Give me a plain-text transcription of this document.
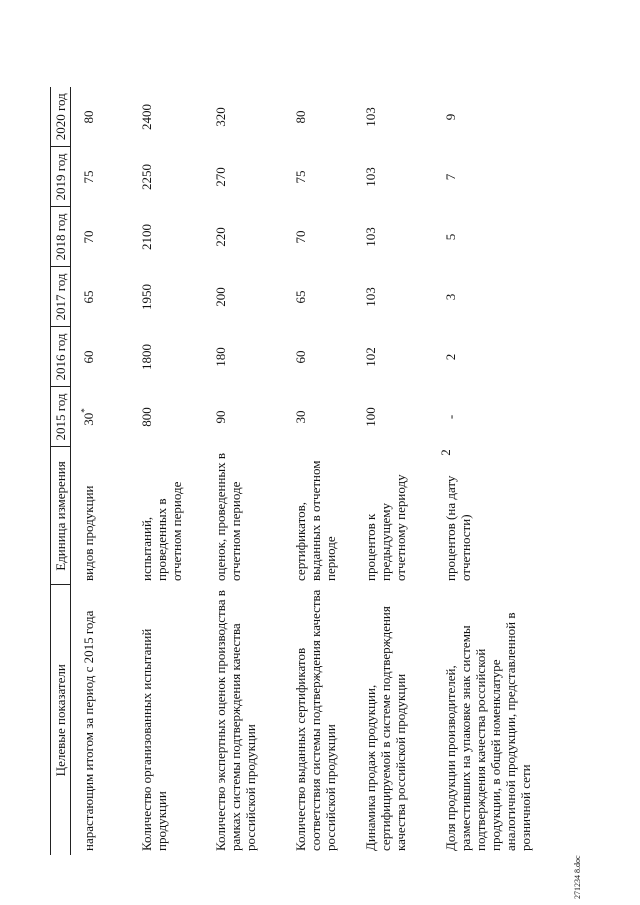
2
Целевые показатели	Единица измерения	2015 год	2016 год	2017 год	2018 год	2019 год	2020 год
нарастающим итогом за период с 2015 года	видов продукции	30*	60	65	70	75	80
Количество организованных испытаний продукции	испытаний, проведенных в отчетном периоде	800	1800	1950	2100	2250	2400
Количество экспертных оценок производства в рамках системы подтверждения качества российской продукции	оценок, проведенных в отчетном периоде	90	180	200	220	270	320
Количество выданных сертификатов соответствия системы подтверждения качества российской продукции	сертификатов, выданных в отчетном периоде	30	60	65	70	75	80
Динамика продаж продукции, сертифицируемой в системе подтверждения качества российской продукции	процентов к предыдущему отчетному периоду	100	102	103	103	103	103
Доля продукции производителей, разместивших на упаковке знак системы подтверждения качества российской продукции, в общей номенклатуре аналогичной продукции, представленной в розничной сети	процентов (на дату отчетности)	-	2	3	5	7	9
271234 8.doc
